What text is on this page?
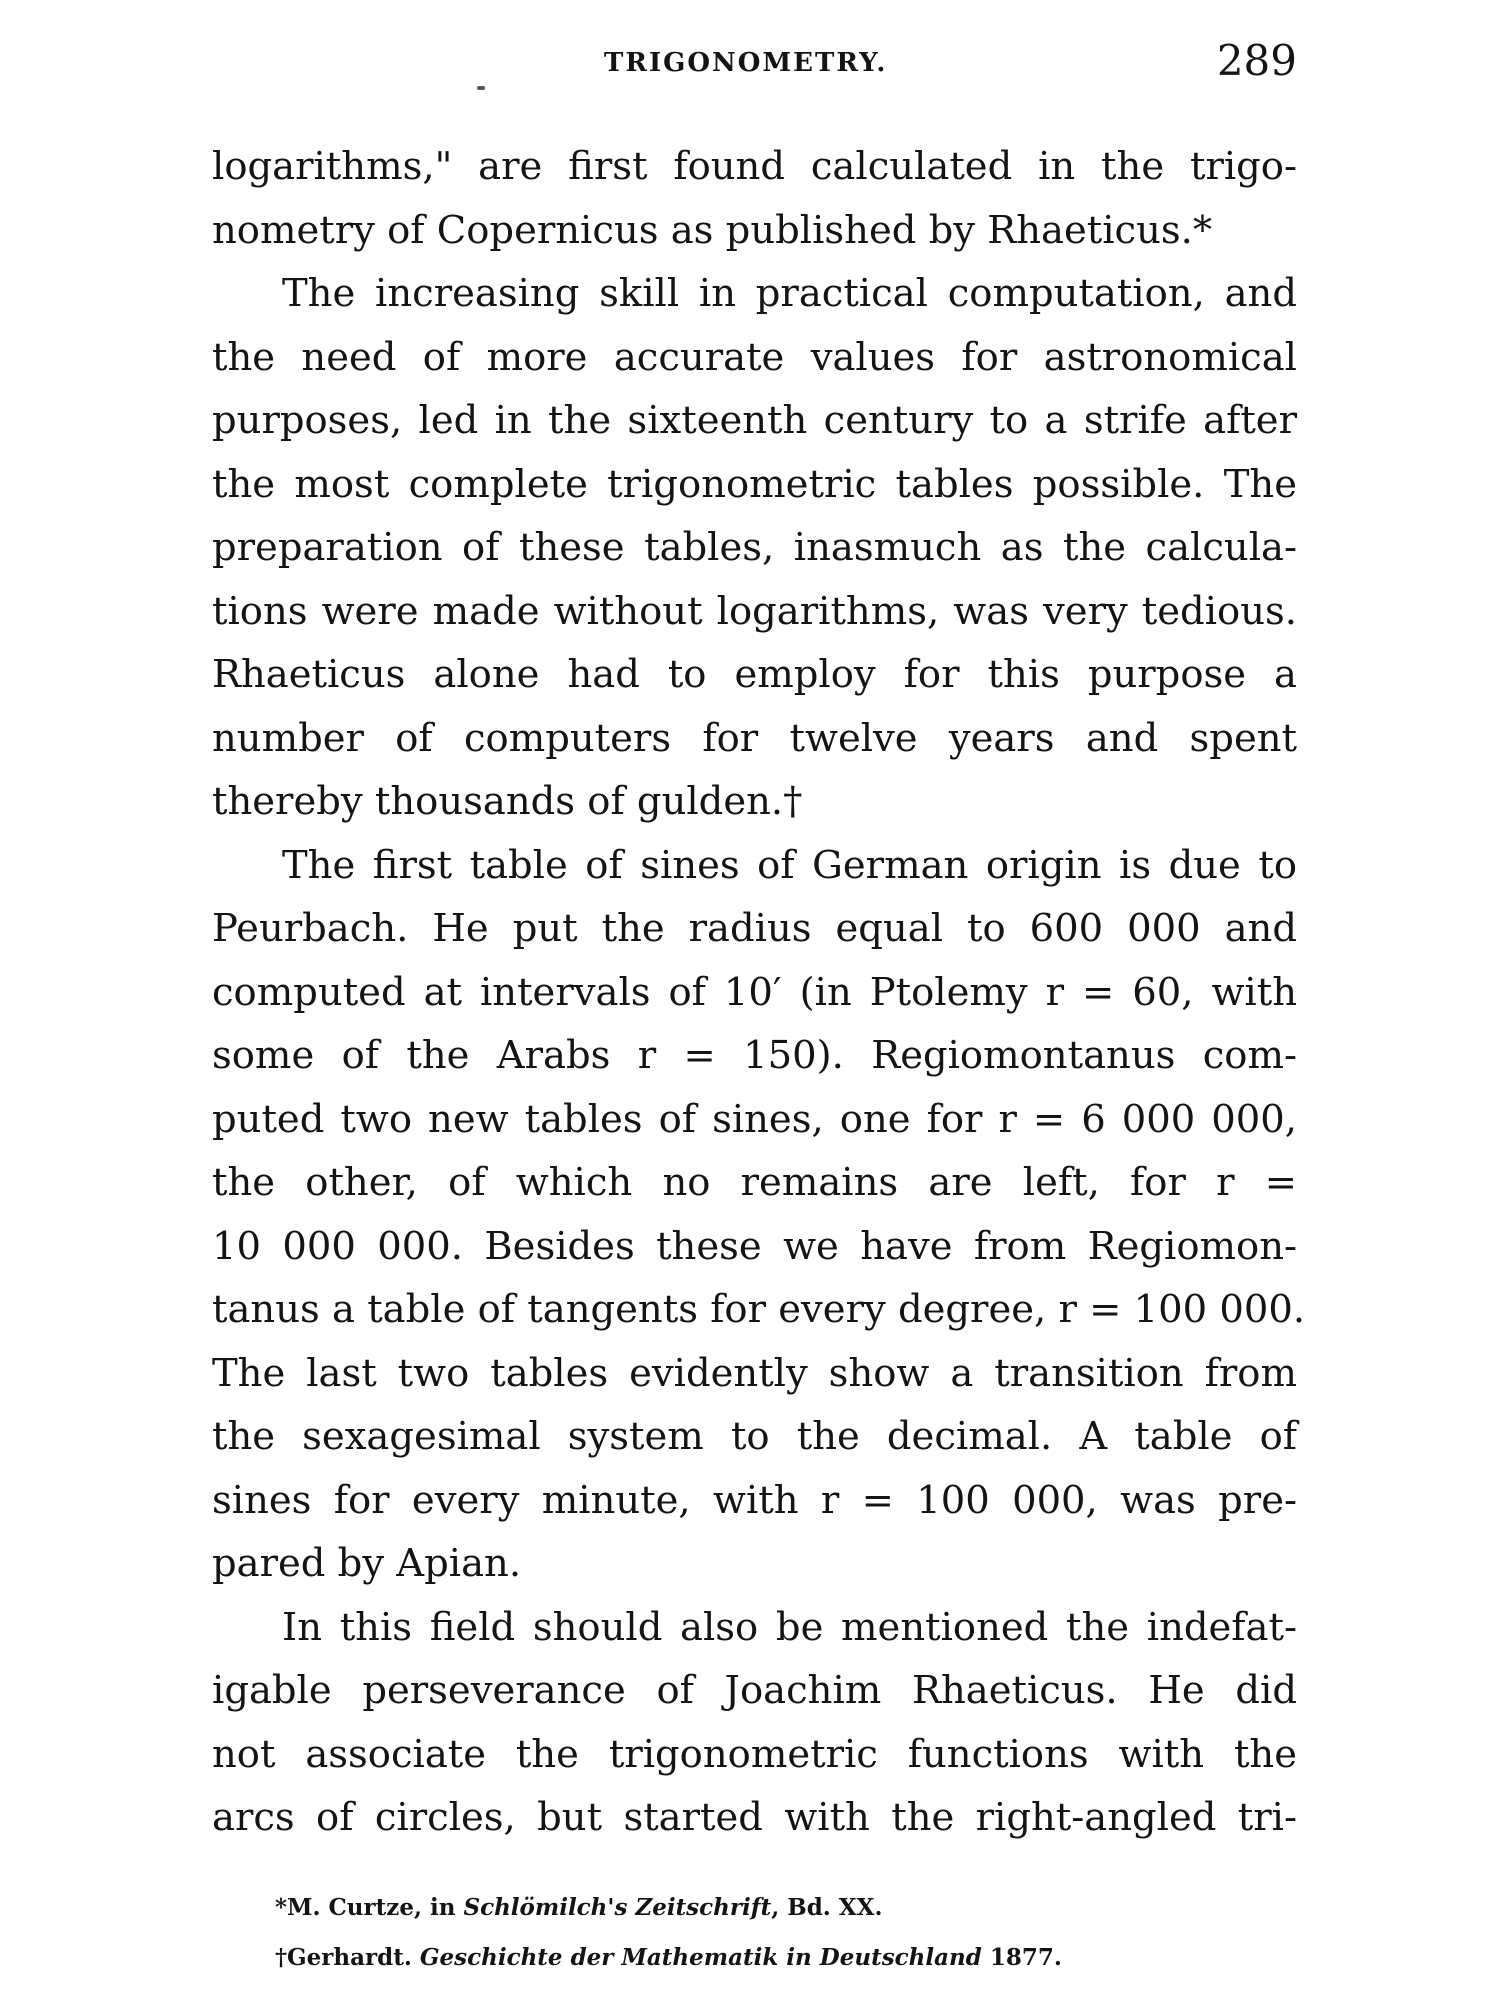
TRIGONOMETRY.	289
logarithms," are first found calculated in the trigo-
nometry of Copernicus as published by Rhaeticus.*
The increasing skill in practical computation, and
the need of more accurate values for astronomical
purposes, led in the sixteenth century to a strife after
the most complete trigonometric tables possible. The
preparation of these tables, inasmuch as the calcula-
tions were made without logarithms, was very tedious.
Rhaeticus alone had to employ for this purpose a
number of computers for twelve years and spent
thereby thousands of gulden.†
The first table of sines of German origin is due to
Peurbach. He put the radius equal to 600 000 and
computed at intervals of 10′ (in Ptolemy r = 60, with
some of the Arabs r = 150). Regiomontanus com-
puted two new tables of sines, one for r = 6 000 000,
the other, of which no remains are left, for r =
10 000 000. Besides these we have from Regiomon-
tanus a table of tangents for every degree, r = 100 000.
The last two tables evidently show a transition from
the sexagesimal system to the decimal. A table of
sines for every minute, with r = 100 000, was pre-
pared by Apian.
In this field should also be mentioned the indefat-
igable perseverance of Joachim Rhaeticus. He did
not associate the trigonometric functions with the
arcs of circles, but started with the right-angled tri-
*M. Curtze, in Schlömilch's Zeitschrift, Bd. XX.
†Gerhardt. Geschichte der Mathematik in Deutschland 1877.
